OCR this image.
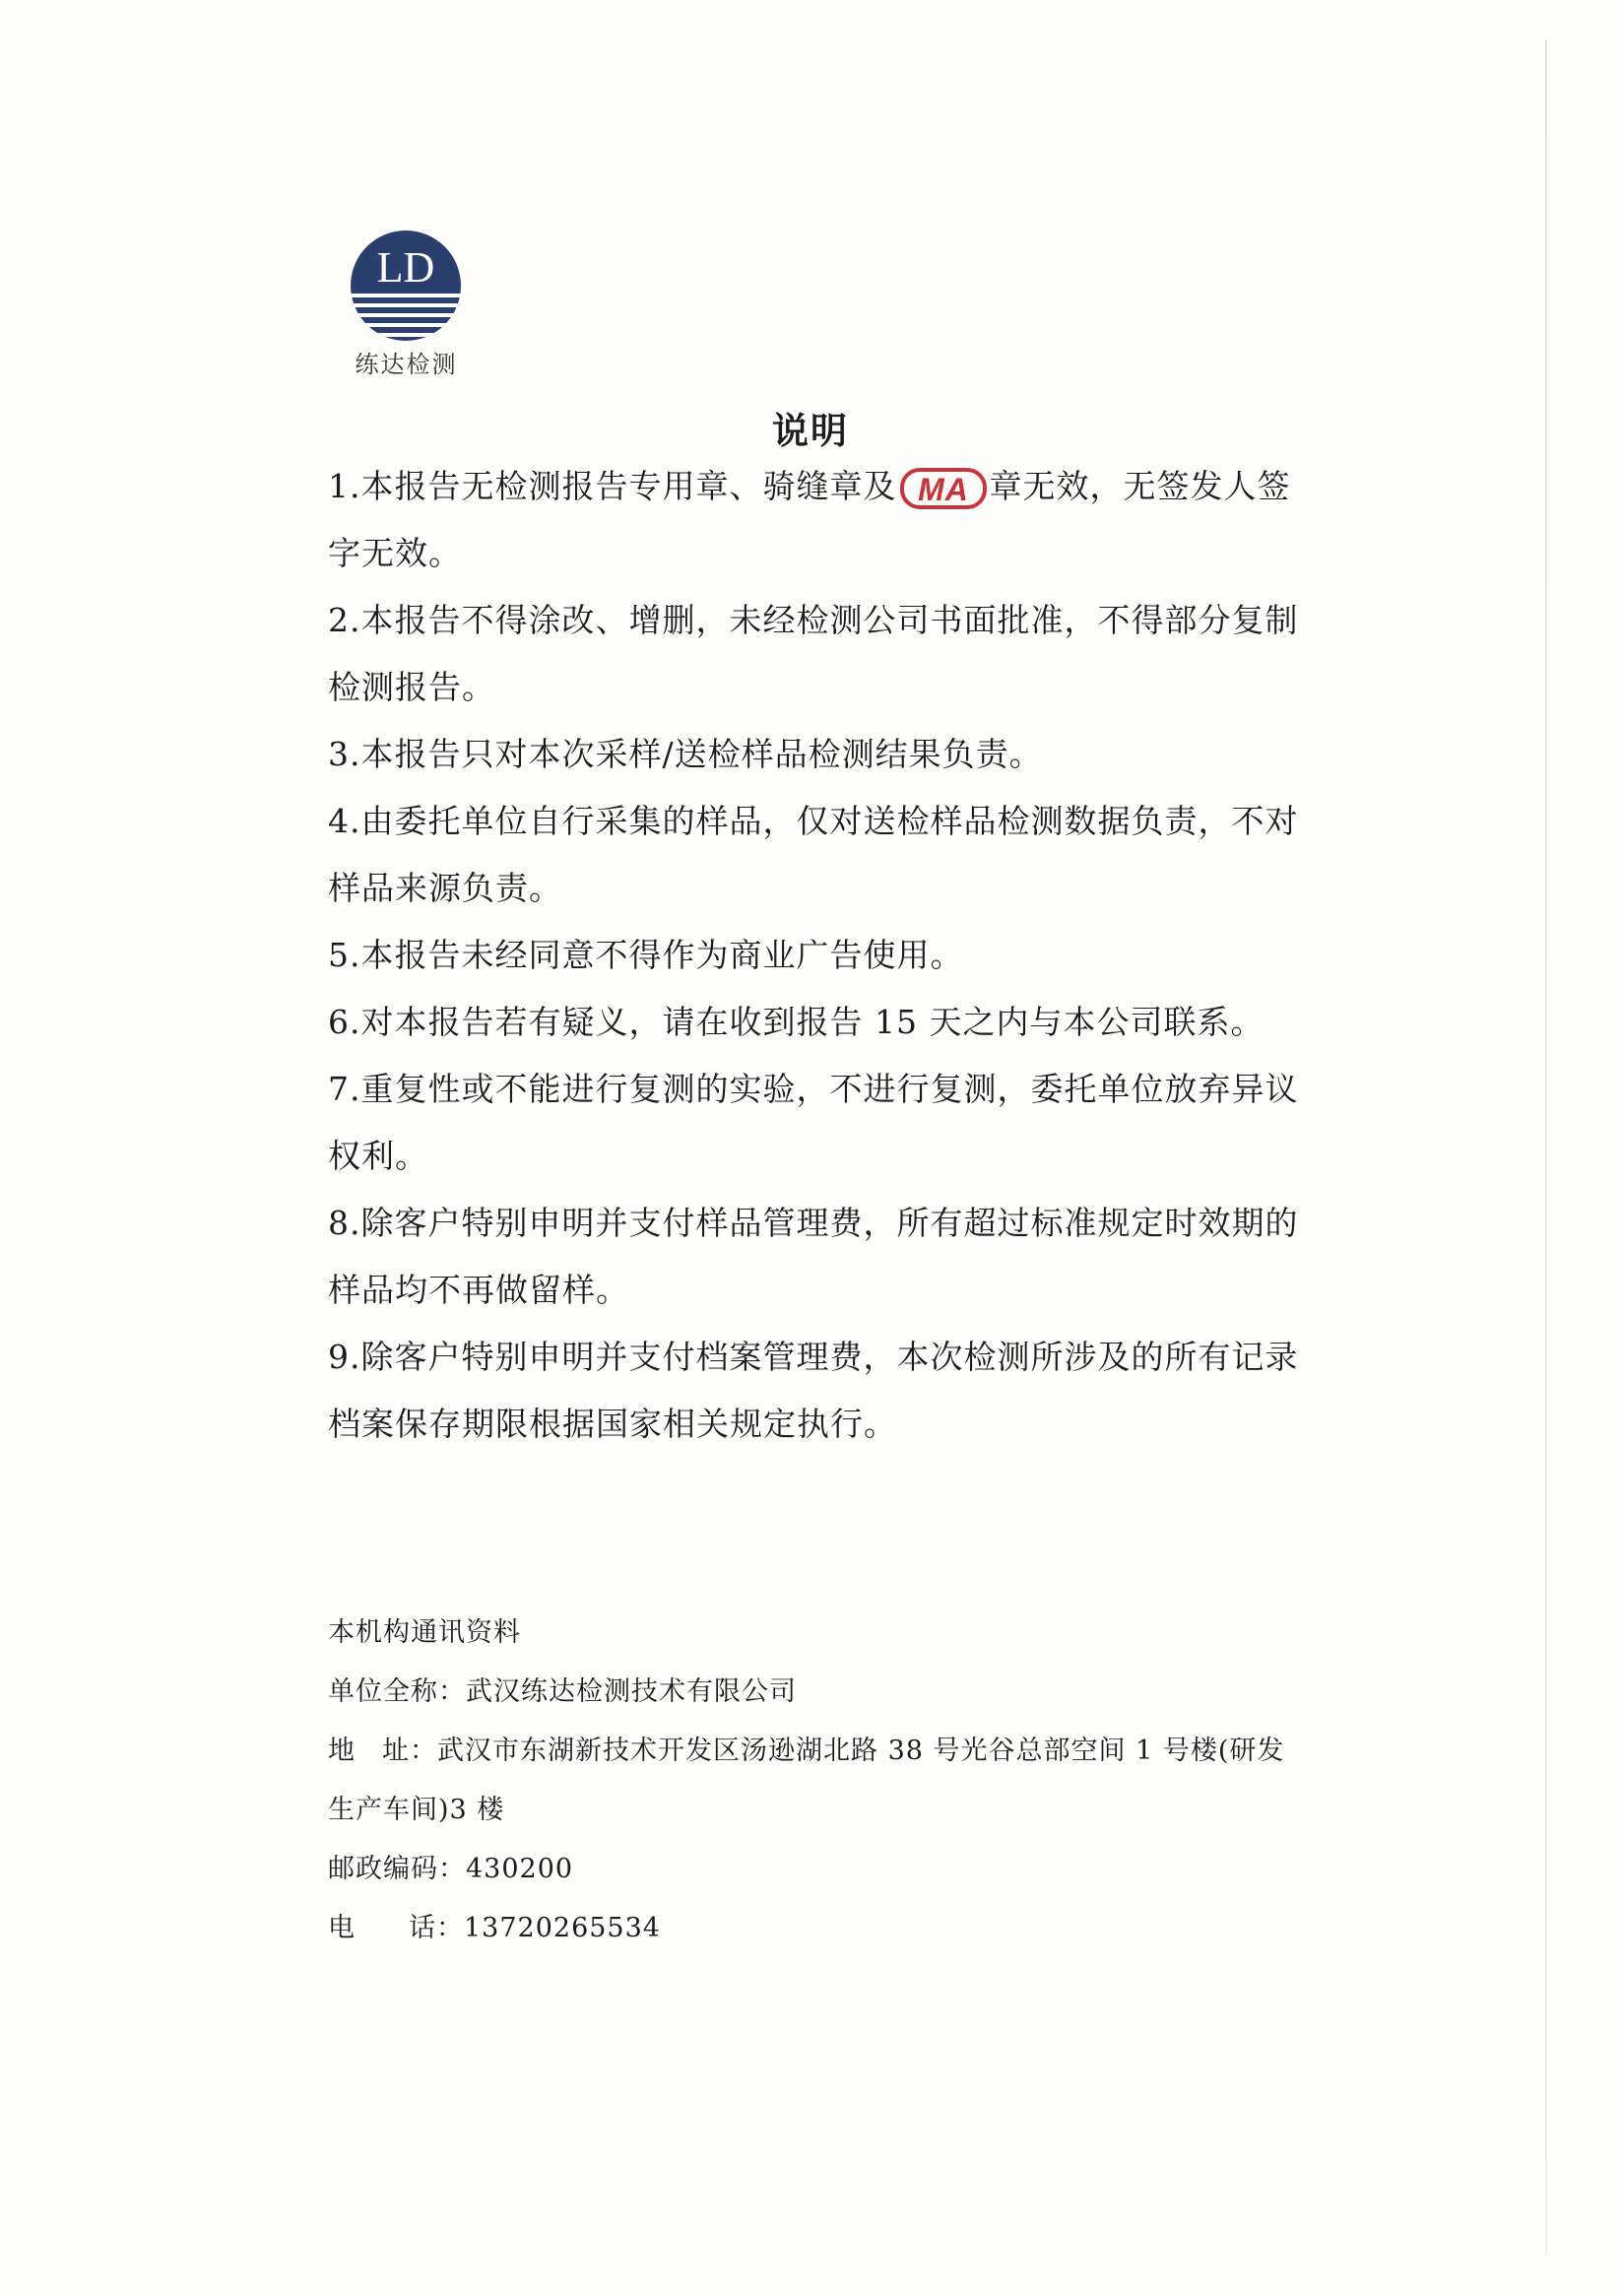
LD
练达检测
说明
1.本报告无检测报告专用章、骑缝章及 MA 章无效，无签发人签
字无效。
2.本报告不得涂改、增删，未经检测公司书面批准，不得部分复制
检测报告。
3.本报告只对本次采样/送检样品检测结果负责。
4.由委托单位自行采集的样品，仅对送检样品检测数据负责，不对
样品来源负责。
5.本报告未经同意不得作为商业广告使用。
6.对本报告若有疑义，请在收到报告 15 天之内与本公司联系。
7.重复性或不能进行复测的实验，不进行复测，委托单位放弃异议
权利。
8.除客户特别申明并支付样品管理费，所有超过标准规定时效期的
样品均不再做留样。
9.除客户特别申明并支付档案管理费，本次检测所涉及的所有记录
档案保存期限根据国家相关规定执行。
本机构通讯资料
单位全称：武汉练达检测技术有限公司
地 址：武汉市东湖新技术开发区汤逊湖北路 38 号光谷总部空间 1 号楼(研发
生产车间)3 楼
邮政编码：430200
电 话：13720265534
